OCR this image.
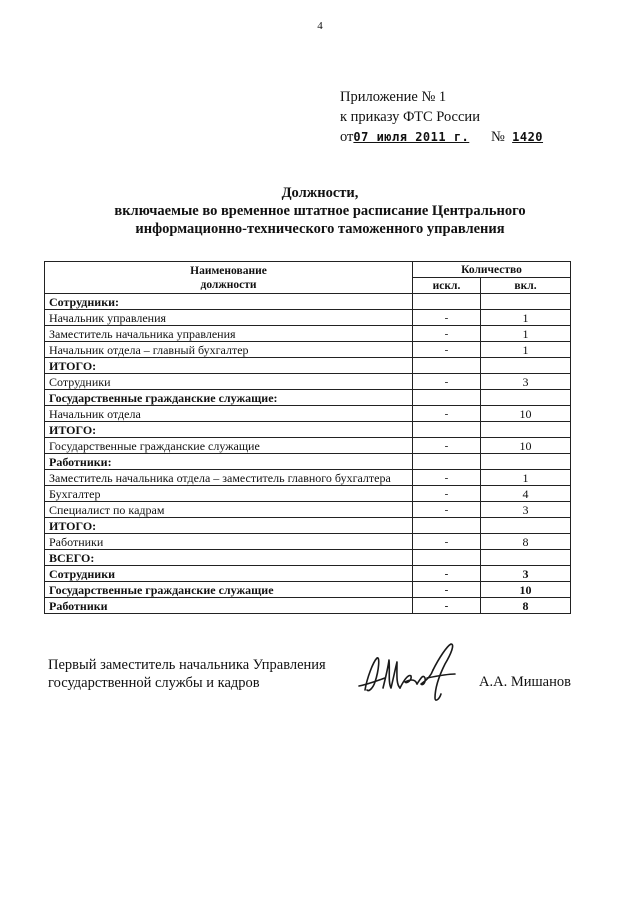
4
Приложение № 1
к приказу ФТС России
от07 июля 2011 г. № 1420
Должности,
включаемые во временное штатное расписание Центрального
информационно-технического таможенного управления
Наименование
должности	Количество	
	искл.	вкл.
Сотрудники:		
Начальник управления	-	1
Заместитель начальника управления	-	1
Начальник отдела – главный бухгалтер	-	1
ИТОГО:		
Сотрудники	-	3
Государственные гражданские служащие:		
Начальник отдела	-	10
ИТОГО:		
Государственные гражданские служащие	-	10
Работники:		
Заместитель начальника отдела – заместитель главного бухгалтера	-	1
Бухгалтер	-	4
Специалист по кадрам	-	3
ИТОГО:		
Работники	-	8
ВСЕГО:		
Сотрудники	-	3
Государственные гражданские служащие	-	10
Работники	-	8
Первый заместитель начальника Управления
государственной службы и кадров	А.А. Мишанов
